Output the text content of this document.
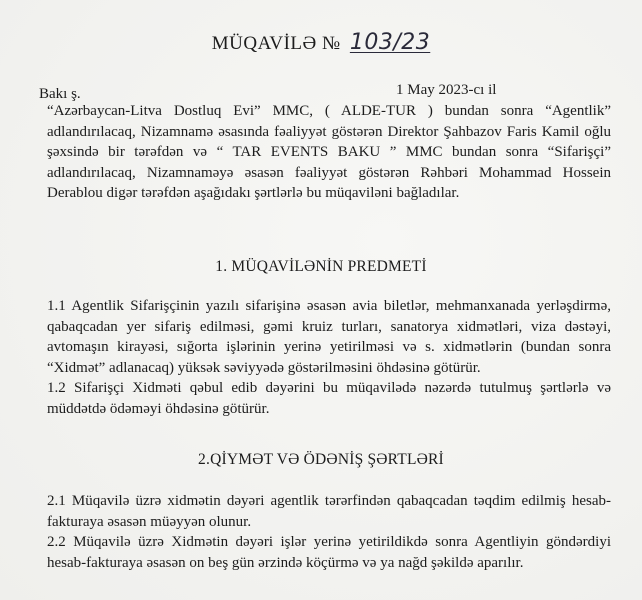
MÜQAVİLƏ № 103/23
Bakı ş.	1 May 2023-cı il

“Azərbaycan-Litva Dostluq Evi” MMC, ( ALDE-TUR ) bundan sonra “Agentlik” adlandırılacaq, Nizamnamə əsasında fəaliyyət göstərən Direktor Şahbazov Faris Kamil oğlu şəxsində bir tərəfdən və “ TAR EVENTS BAKU ” MMC bundan sonra “Sifarişçi” adlandırılacaq, Nizamnaməyə əsasən fəaliyyət göstərən Rəhbəri Mohammad Hossein Derablou digər tərəfdən aşağıdakı şərtlərlə bu müqaviləni bağladılar.

1. MÜQAVİLƏNİN PREDMETİ

1.1 Agentlik Sifarişçinin yazılı sifarişinə əsasən avia biletlər, mehmanxanada yerləşdirmə, qabaqcadan yer sifariş edilməsi, gəmi kruiz turları, sanatorya xidmətləri, viza dəstəyi, avtomaşın kirayəsi, sığorta işlərinin yerinə yetirilməsi və s. xidmətlərin (bundan sonra “Xidmət” adlanacaq) yüksək səviyyədə göstərilməsini öhdəsinə götürür.

1.2 Sifarişçi Xidməti qəbul edib dəyərini bu müqavilədə nəzərdə tutulmuş şərtlərlə və müddətdə ödəməyi öhdəsinə götürür.

2.QİYMƏT VƏ ÖDƏNİŞ ŞƏRTLƏRİ

2.1 Müqavilə üzrə xidmətin dəyəri agentlik tərərfindən qabaqcadan təqdim edilmiş hesab-fakturaya əsasən müəyyən olunur.

2.2 Müqavilə üzrə Xidmətin dəyəri işlər yerinə yetirildikdə sonra Agentliyin göndərdiyi hesab-fakturaya əsasən on beş gün ərzində köçürmə və ya nağd şəkildə aparılır.
